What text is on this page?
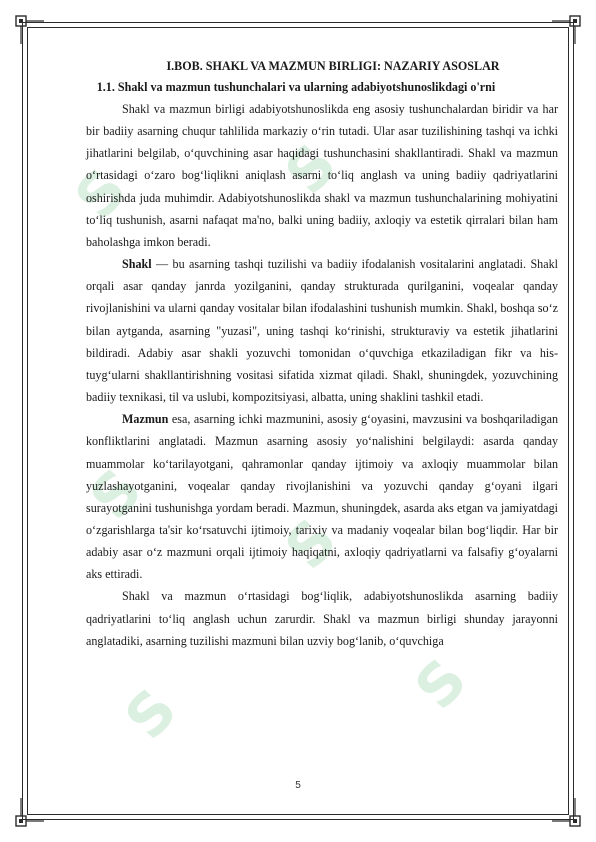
S S
S
S
S	S
I.BOB. SHAKL VA MAZMUN BIRLIGI: NAZARIY ASOSLAR
1.1. Shakl va mazmun tushunchalari va ularning adabiyotshunoslikdagi o'rni

Shakl va mazmun birligi adabiyotshunoslikda eng asosiy tushunchalardan biridir va har bir badiiy asarning chuqur tahlilida markaziy o‘rin tutadi. Ular asar tuzilishining tashqi va ichki jihatlarini belgilab, o‘quvchining asar haqidagi tushunchasini shakllantiradi. Shakl va mazmun o‘rtasidagi o‘zaro bog‘liqlikni aniqlash asarni to‘liq anglash va uning badiiy qadriyatlarini oshirishda juda muhimdir. Adabiyotshunoslikda shakl va mazmun tushunchalarining mohiyatini to‘liq tushunish, asarni nafaqat ma'no, balki uning badiiy, axloqiy va estetik qirralari bilan ham baholashga imkon beradi.

Shakl — bu asarning tashqi tuzilishi va badiiy ifodalanish vositalarini anglatadi. Shakl orqali asar qanday janrda yozilganini, qanday strukturada qurilganini, voqealar qanday rivojlanishini va ularni qanday vositalar bilan ifodalashini tushunish mumkin. Shakl, boshqa so‘z bilan aytganda, asarning "yuzasi", uning tashqi ko‘rinishi, strukturaviy va estetik jihatlarini bildiradi. Adabiy asar shakli yozuvchi tomonidan o‘quvchiga etkaziladigan fikr va his-tuyg‘ularni shakllantirishning vositasi sifatida xizmat qiladi. Shakl, shuningdek, yozuvchining badiiy texnikasi, til va uslubi, kompozitsiyasi, albatta, uning shaklini tashkil etadi.

Mazmun esa, asarning ichki mazmunini, asosiy g‘oyasini, mavzusini va boshqariladigan konfliktlarini anglatadi. Mazmun asarning asosiy yo‘nalishini belgilaydi: asarda qanday muammolar ko‘tarilayotgani, qahramonlar qanday ijtimoiy va axloqiy muammolar bilan yuzlashayotganini, voqealar qanday rivojlanishini va yozuvchi qanday g‘oyani ilgari surayotganini tushunishga yordam beradi. Mazmun, shuningdek, asarda aks etgan va jamiyatdagi o‘zgarishlarga ta'sir ko‘rsatuvchi ijtimoiy, tarixiy va madaniy voqealar bilan bog‘liqdir. Har bir adabiy asar o‘z mazmuni orqali ijtimoiy haqiqatni, axloqiy qadriyatlarni va falsafiy g‘oyalarni aks ettiradi.

Shakl va mazmun o‘rtasidagi bog‘liqlik, adabiyotshunoslikda asarning badiiy qadriyatlarini to‘liq anglash uchun zarurdir. Shakl va mazmun birligi shunday jarayonni anglatadiki, asarning tuzilishi mazmuni bilan uzviy bog‘lanib, o‘quvchiga

5
